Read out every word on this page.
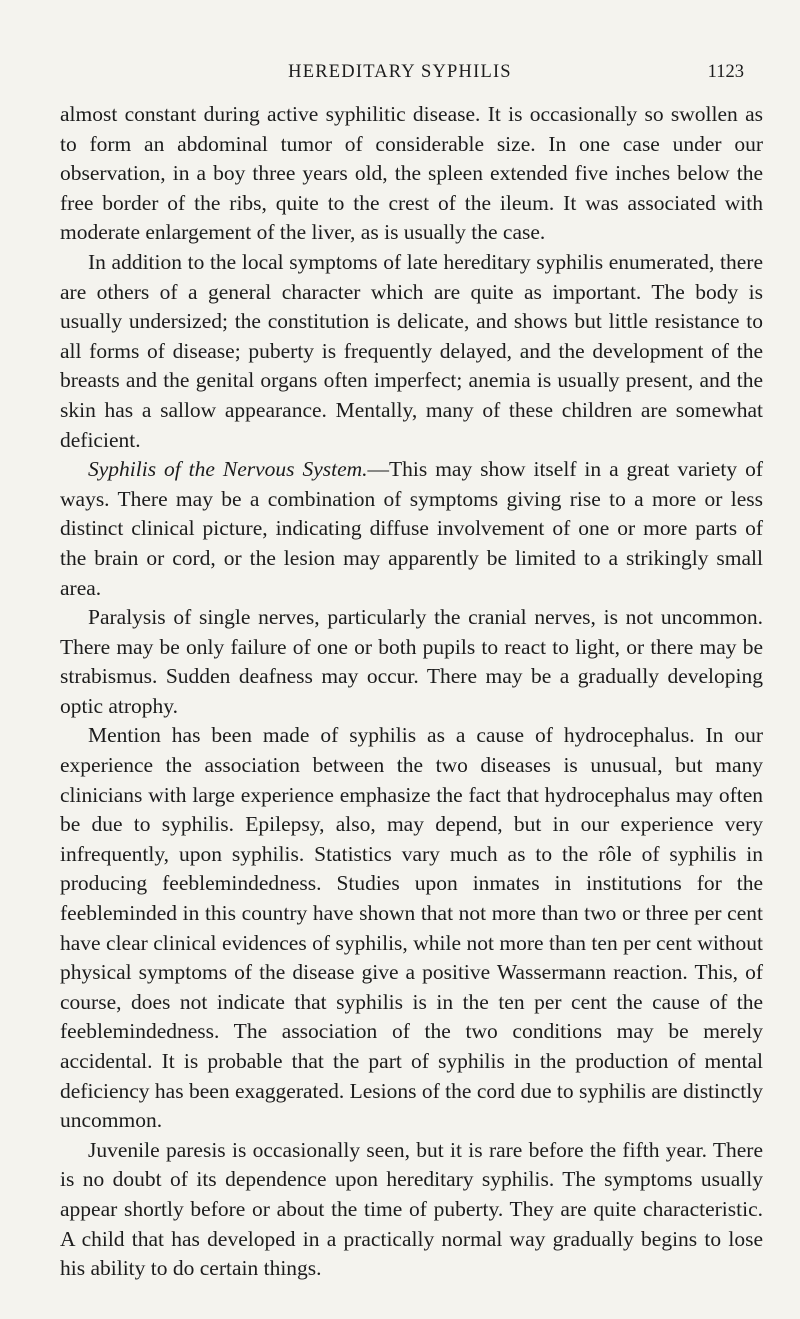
HEREDITARY SYPHILIS	1123

almost constant during active syphilitic disease. It is occasionally so swollen as to form an abdominal tumor of considerable size. In one case under our observation, in a boy three years old, the spleen extended five inches below the free border of the ribs, quite to the crest of the ileum. It was associated with moderate enlargement of the liver, as is usually the case.

In addition to the local symptoms of late hereditary syphilis enumerated, there are others of a general character which are quite as important. The body is usually undersized; the constitution is delicate, and shows but little resistance to all forms of disease; puberty is frequently delayed, and the development of the breasts and the genital organs often imperfect; anemia is usually present, and the skin has a sallow appearance. Mentally, many of these children are somewhat deficient.

Syphilis of the Nervous System.—This may show itself in a great variety of ways. There may be a combination of symptoms giving rise to a more or less distinct clinical picture, indicating diffuse involvement of one or more parts of the brain or cord, or the lesion may apparently be limited to a strikingly small area.

Paralysis of single nerves, particularly the cranial nerves, is not uncommon. There may be only failure of one or both pupils to react to light, or there may be strabismus. Sudden deafness may occur. There may be a gradually developing optic atrophy.

Mention has been made of syphilis as a cause of hydrocephalus. In our experience the association between the two diseases is unusual, but many clinicians with large experience emphasize the fact that hydrocephalus may often be due to syphilis. Epilepsy, also, may depend, but in our experience very infrequently, upon syphilis. Statistics vary much as to the rôle of syphilis in producing feeblemindedness. Studies upon inmates in institutions for the feebleminded in this country have shown that not more than two or three per cent have clear clinical evidences of syphilis, while not more than ten per cent without physical symptoms of the disease give a positive Wassermann reaction. This, of course, does not indicate that syphilis is in the ten per cent the cause of the feeblemindedness. The association of the two conditions may be merely accidental. It is probable that the part of syphilis in the production of mental deficiency has been exaggerated. Lesions of the cord due to syphilis are distinctly uncommon.

Juvenile paresis is occasionally seen, but it is rare before the fifth year. There is no doubt of its dependence upon hereditary syphilis. The symptoms usually appear shortly before or about the time of puberty. They are quite characteristic. A child that has developed in a practically normal way gradually begins to lose his ability to do certain things.
